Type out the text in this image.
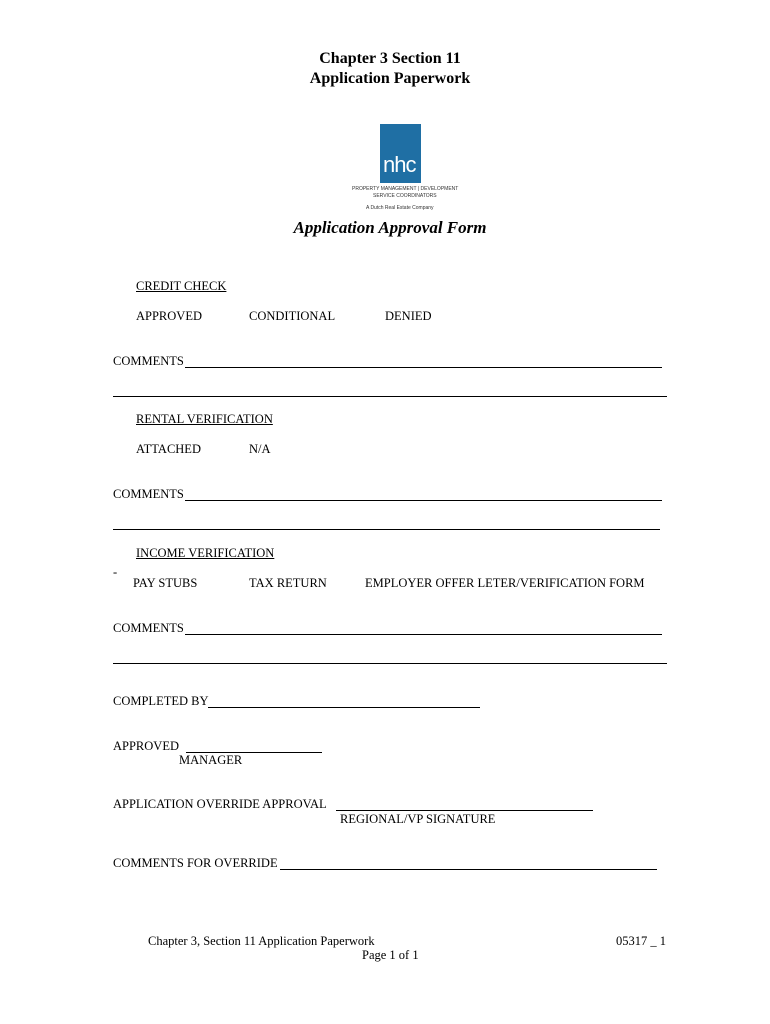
Chapter 3 Section 11
Application Paperwork
nhc
PROPERTY MANAGEMENT | DEVELOPMENT
SERVICE COORDINATORS
A Dutch Real Estate Company
Application Approval Form
CREDIT CHECK
APPROVED	CONDITIONAL	DENIED
COMMENTS
RENTAL VERIFICATION
ATTACHED	N/A
COMMENTS
INCOME VERIFICATION
-
PAY STUBS	TAX RETURN	EMPLOYER OFFER LETER/VERIFICATION FORM
COMMENTS
COMPLETED BY
APPROVED
MANAGER
APPLICATION OVERRIDE APPROVAL
REGIONAL/VP SIGNATURE
COMMENTS FOR OVERRIDE
Chapter 3, Section 11 Application Paperwork	05317 _ 1
Page 1 of 1
